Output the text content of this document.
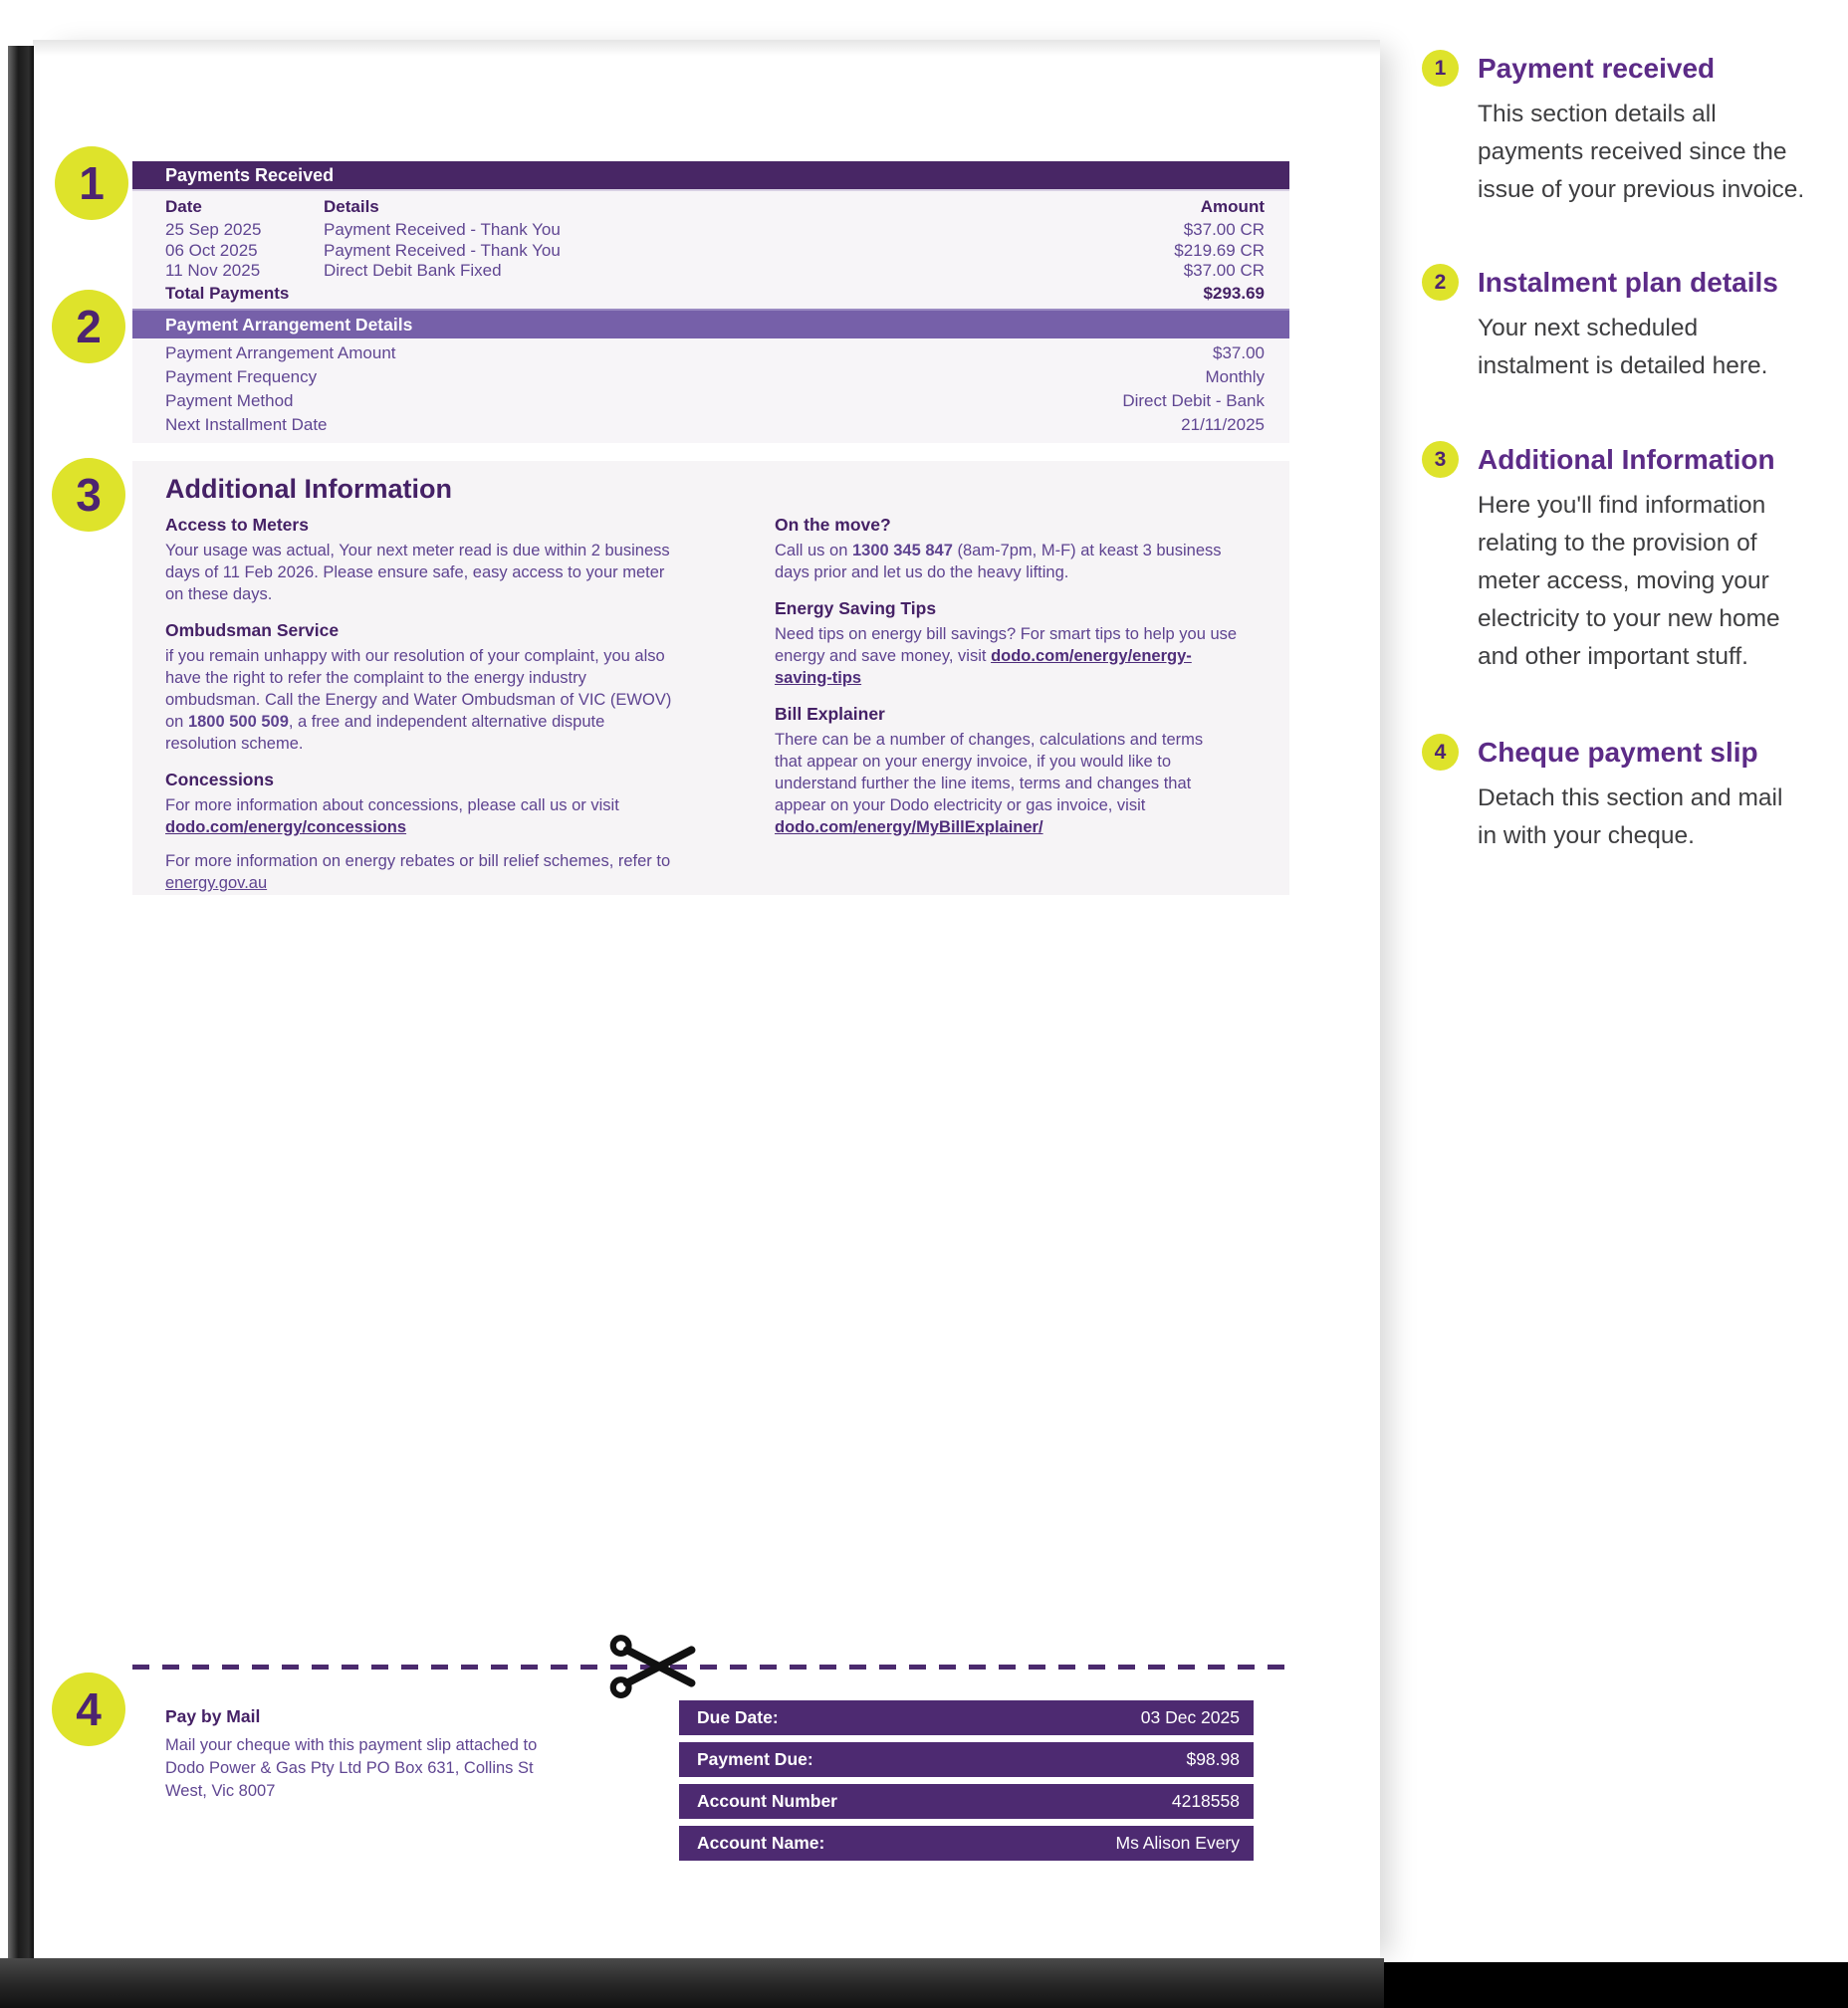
1
2
3
4
Payments Received
Date	Details	Amount
25 Sep 2025	Payment Received - Thank You	$37.00 CR
06 Oct 2025	Payment Received - Thank You	$219.69 CR
11 Nov 2025	Direct Debit Bank Fixed	$37.00 CR
Total Payments	$293.69
Payment Arrangement Details
Payment Arrangement Amount	$37.00
Payment Frequency	Monthly
Payment Method	Direct Debit - Bank
Next Installment Date	21/11/2025
Additional Information
Access to Meters
Your usage was actual, Your next meter read is due within 2 business
days of 11 Feb 2026. Please ensure safe, easy access to your meter
on these days.
Ombudsman Service
if you remain unhappy with our resolution of your complaint, you also
have the right to refer the complaint to the energy industry
ombudsman. Call the Energy and Water Ombudsman of VIC (EWOV)
on 1800 500 509, a free and independent alternative dispute
resolution scheme.
Concessions
For more information about concessions, please call us or visit
dodo.com/energy/concessions
For more information on energy rebates or bill relief schemes, refer to
energy.gov.au
On the move?
Call us on 1300 345 847 (8am-7pm, M-F) at keast 3 business
days prior and let us do the heavy lifting.
Energy Saving Tips
Need tips on energy bill savings? For smart tips to help you use
energy and save money, visit dodo.com/energy/energy-
saving-tips
Bill Explainer
There can be a number of changes, calculations and terms
that appear on your energy invoice, if you would like to
understand further the line items, terms and changes that
appear on your Dodo electricity or gas invoice, visit
dodo.com/energy/MyBillExplainer/
Pay by Mail
Mail your cheque with this payment slip attached to
Dodo Power & Gas Pty Ltd PO Box 631, Collins St
West, Vic 8007
Due Date:	03 Dec 2025
Payment Due:	$98.98
Account Number	4218558
Account Name:	Ms Alison Every
1	Payment received
This section details all
payments received since the
issue of your previous invoice.
2	Instalment plan details
Your next scheduled
instalment is detailed here.
3	Additional Information
Here you'll find information
relating to the provision of
meter access, moving your
electricity to your new home
and other important stuff.
4	Cheque payment slip
Detach this section and mail
in with your cheque.
